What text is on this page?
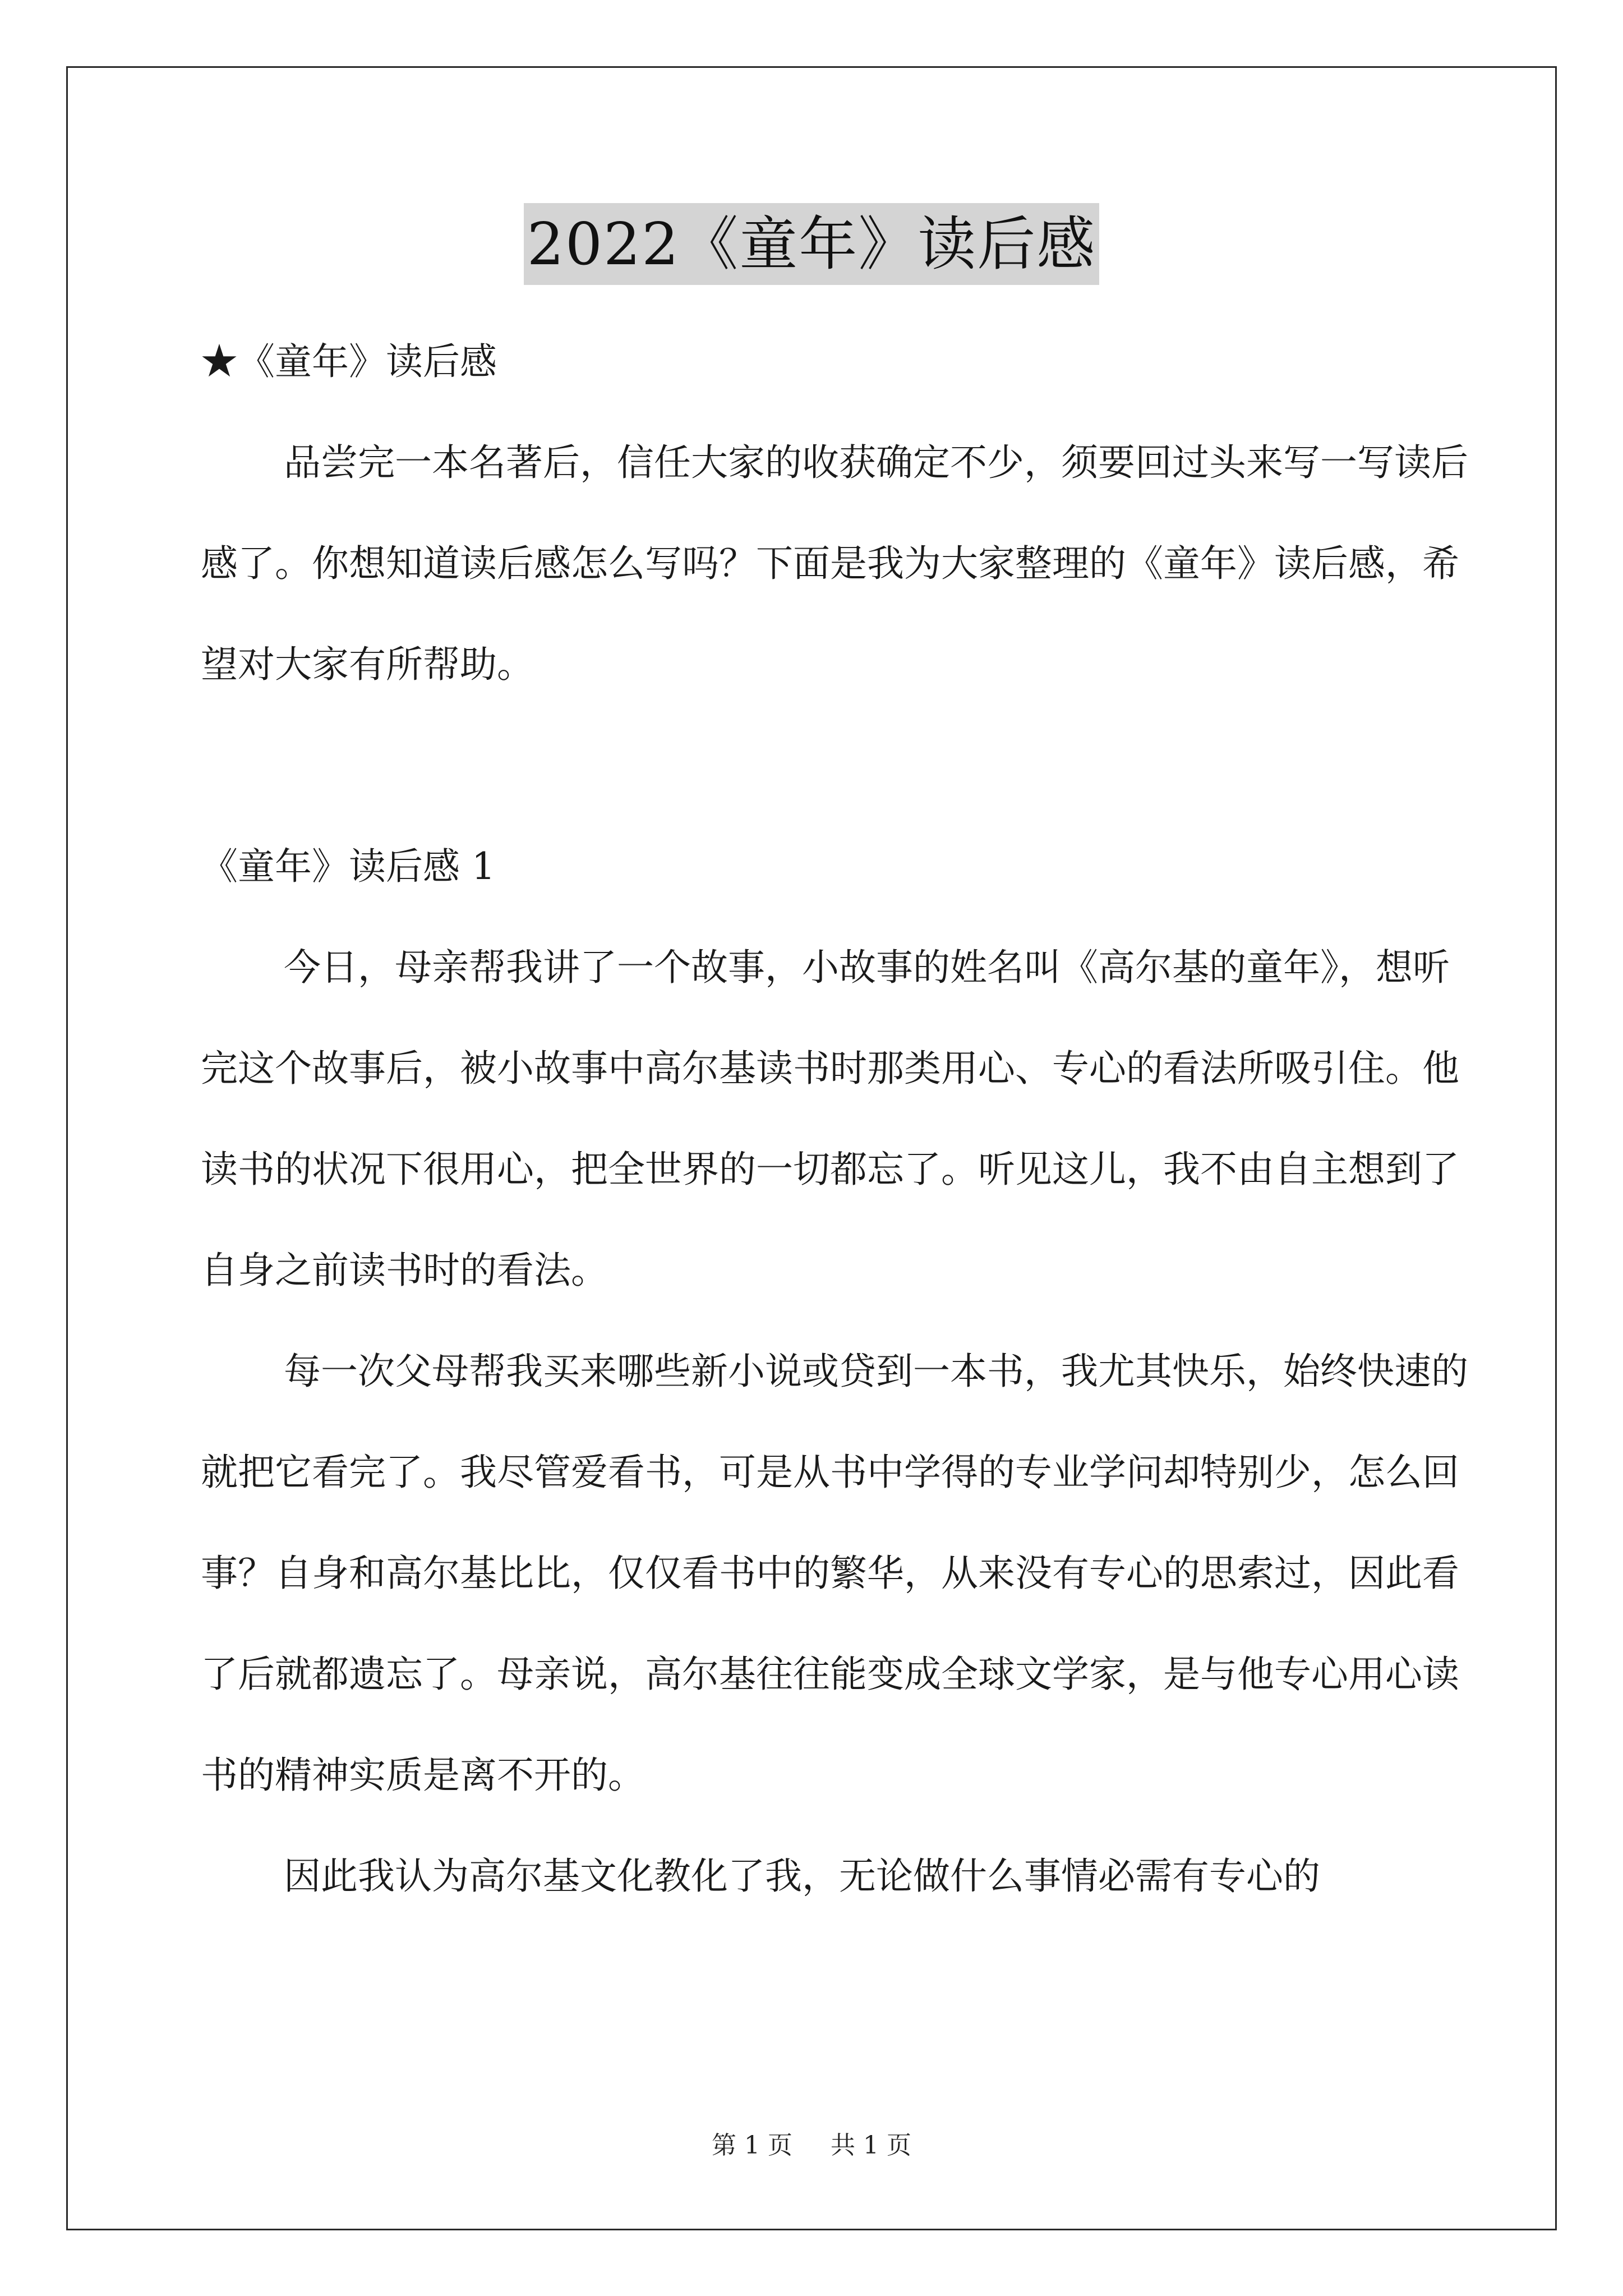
2022《童年》读后感

★《童年》读后感

品尝完一本名著后，信任大家的收获确定不少，须要回过头来写一写读后感了。你想知道读后感怎么写吗？下面是我为大家整理的《童年》读后感，希望对大家有所帮助。

《童年》读后感 1

今日，母亲帮我讲了一个故事，小故事的姓名叫《高尔基的童年》，想听完这个故事后，被小故事中高尔基读书时那类用心、专心的看法所吸引住。他读书的状况下很用心，把全世界的一切都忘了。听见这儿，我不由自主想到了自身之前读书时的看法。

每一次父母帮我买来哪些新小说或贷到一本书，我尤其快乐，始终快速的就把它看完了。我尽管爱看书，可是从书中学得的专业学问却特别少，怎么回事？自身和高尔基比比，仅仅看书中的繁华，从来没有专心的思索过，因此看了后就都遗忘了。母亲说，高尔基往往能变成全球文学家，是与他专心用心读书的精神实质是离不开的。

因此我认为高尔基文化教化了我，无论做什么事情必需有专心的

第 1 页 共 1 页
